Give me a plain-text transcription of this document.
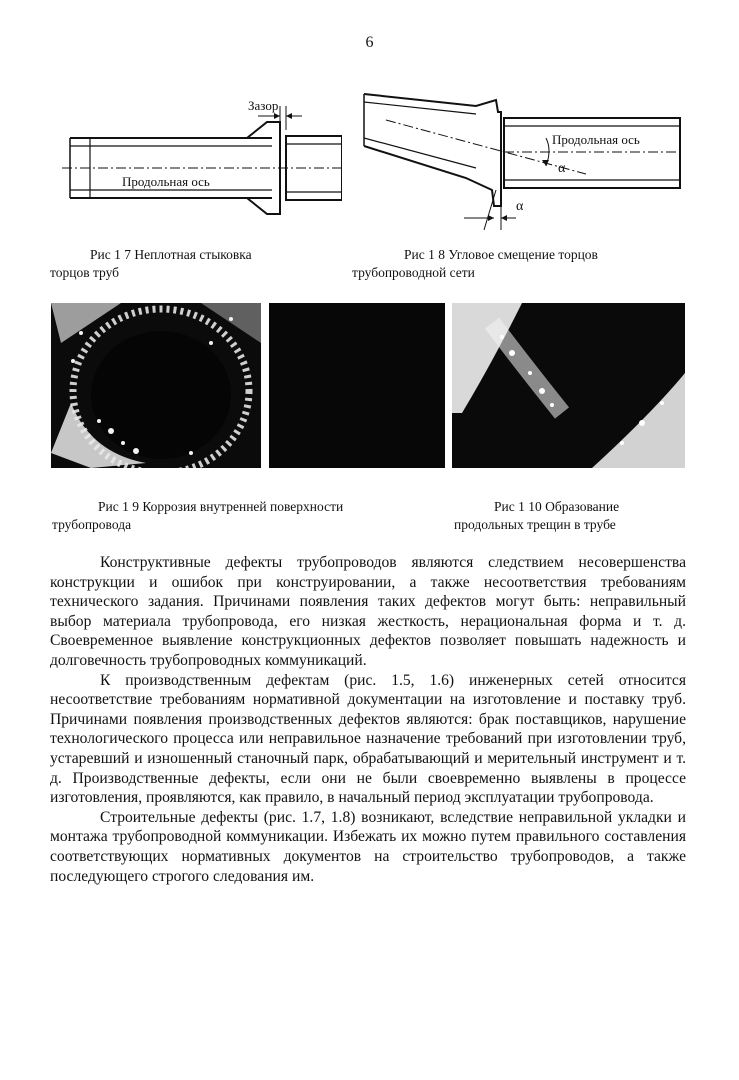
6
Зазор
Продольная ось
Рис 1 7 Неплотная стыковка
торцов труб
Продольная ось
α
α
Рис 1 8 Угловое смещение торцов
трубопроводной сети
Рис 1 9 Коррозия внутренней поверхности
трубопровода
Рис 1 10 Образование
продольных трещин в трубе

Конструктивные дефекты трубопроводов являются следствием несовершенства конструкции и ошибок при конструировании, а также несоответствия требованиям технического задания. Причинами появления таких дефектов могут быть: неправильный выбор материала трубопровода, его низкая жесткость, нерациональная форма и т. д. Своевременное выявление конструкционных дефектов позволяет повышать надежность и долговечность трубопроводных коммуникаций.

К производственным дефектам (рис. 1.5, 1.6) инженерных сетей относится несоответствие требованиям нормативной документации на изготовление и поставку труб. Причинами появления производственных дефектов являются: брак поставщиков, нарушение технологического процесса или неправильное назначение требований при изготовлении труб, устаревший и изношенный станочный парк, обрабатывающий и мерительный инструмент и т. д. Производственные дефекты, если они не были своевременно выявлены в процессе изготовления, проявляются, как правило, в начальный период эксплуатации трубопровода.

Строительные дефекты (рис. 1.7, 1.8) возникают, вследствие неправильной укладки и монтажа трубопроводной коммуникации. Избежать их можно путем правильного составления соответствующих нормативных документов на строительство трубопроводов, а также последующего строгого следования им.
